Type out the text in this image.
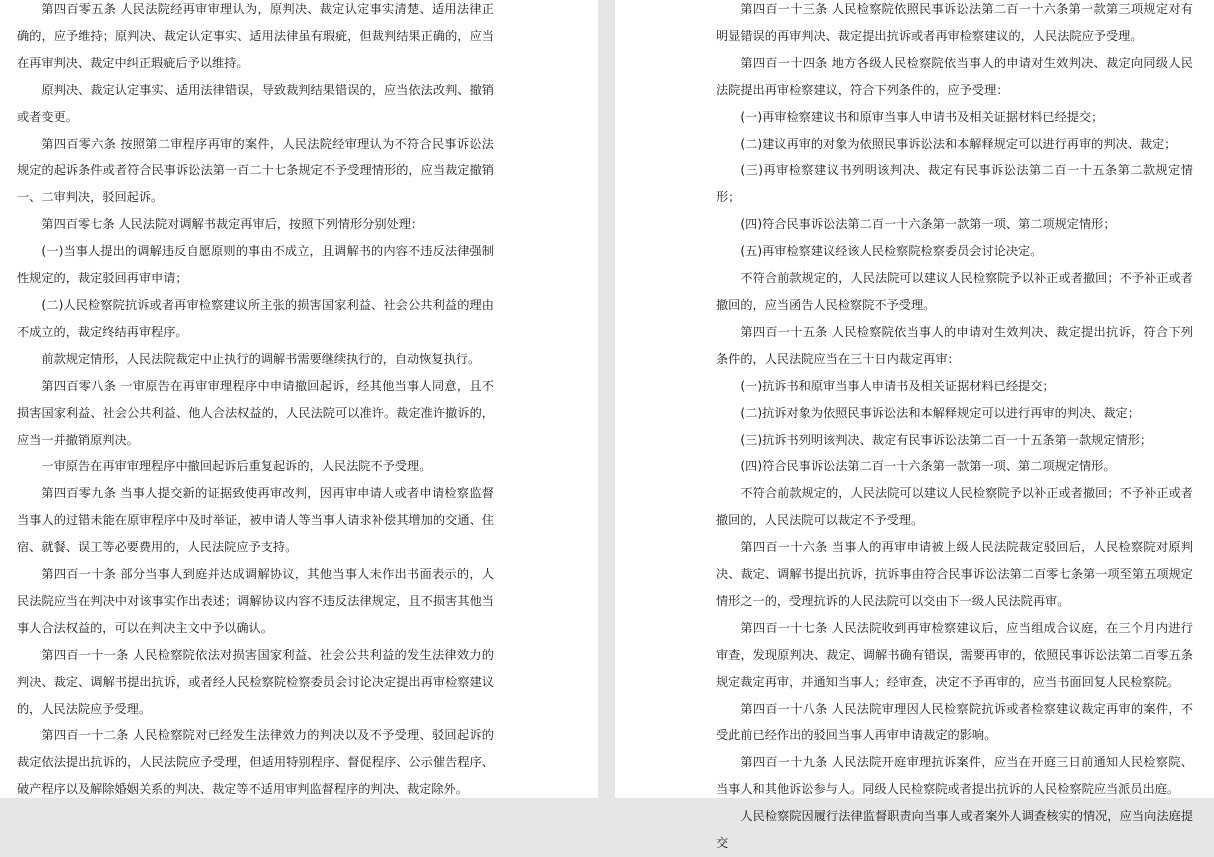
第四百零五条 人民法院经再审审理认为，原判决、裁定认定事实清楚、适用法律正确的，应予维持；原判决、裁定认定事实、适用法律虽有瑕疵，但裁判结果正确的，应当在再审判决、裁定中纠正瑕疵后予以维持。

原判决、裁定认定事实、适用法律错误，导致裁判结果错误的，应当依法改判、撤销或者变更。

第四百零六条 按照第二审程序再审的案件，人民法院经审理认为不符合民事诉讼法规定的起诉条件或者符合民事诉讼法第一百二十七条规定不予受理情形的，应当裁定撤销一、二审判决，驳回起诉。

第四百零七条 人民法院对调解书裁定再审后，按照下列情形分别处理：

(一)当事人提出的调解违反自愿原则的事由不成立，且调解书的内容不违反法律强制性规定的，裁定驳回再审申请；

(二)人民检察院抗诉或者再审检察建议所主张的损害国家利益、社会公共利益的理由不成立的，裁定终结再审程序。

前款规定情形，人民法院裁定中止执行的调解书需要继续执行的，自动恢复执行。

第四百零八条 一审原告在再审审理程序中申请撤回起诉，经其他当事人同意，且不损害国家利益、社会公共利益、他人合法权益的，人民法院可以准许。裁定准许撤诉的，应当一并撤销原判决。

一审原告在再审审理程序中撤回起诉后重复起诉的，人民法院不予受理。

第四百零九条 当事人提交新的证据致使再审改判，因再审申请人或者申请检察监督当事人的过错未能在原审程序中及时举证，被申请人等当事人请求补偿其增加的交通、住宿、就餐、误工等必要费用的，人民法院应予支持。

第四百一十条 部分当事人到庭并达成调解协议，其他当事人未作出书面表示的，人民法院应当在判决中对该事实作出表述；调解协议内容不违反法律规定，且不损害其他当事人合法权益的，可以在判决主文中予以确认。

第四百一十一条 人民检察院依法对损害国家利益、社会公共利益的发生法律效力的判决、裁定、调解书提出抗诉，或者经人民检察院检察委员会讨论决定提出再审检察建议的，人民法院应予受理。

第四百一十二条 人民检察院对已经发生法律效力的判决以及不予受理、驳回起诉的裁定依法提出抗诉的，人民法院应予受理，但适用特别程序、督促程序、公示催告程序、破产程序以及解除婚姻关系的判决、裁定等不适用审判监督程序的判决、裁定除外。

第四百一十三条 人民检察院依照民事诉讼法第二百一十六条第一款第三项规定对有明显错误的再审判决、裁定提出抗诉或者再审检察建议的，人民法院应予受理。

第四百一十四条 地方各级人民检察院依当事人的申请对生效判决、裁定向同级人民法院提出再审检察建议，符合下列条件的，应予受理：

(一)再审检察建议书和原审当事人申请书及相关证据材料已经提交；

(二)建议再审的对象为依照民事诉讼法和本解释规定可以进行再审的判决、裁定；

(三)再审检察建议书列明该判决、裁定有民事诉讼法第二百一十五条第二款规定情形；

(四)符合民事诉讼法第二百一十六条第一款第一项、第二项规定情形；

(五)再审检察建议经该人民检察院检察委员会讨论决定。

不符合前款规定的，人民法院可以建议人民检察院予以补正或者撤回；不予补正或者撤回的，应当函告人民检察院不予受理。

第四百一十五条 人民检察院依当事人的申请对生效判决、裁定提出抗诉，符合下列条件的，人民法院应当在三十日内裁定再审：

(一)抗诉书和原审当事人申请书及相关证据材料已经提交；

(二)抗诉对象为依照民事诉讼法和本解释规定可以进行再审的判决、裁定；

(三)抗诉书列明该判决、裁定有民事诉讼法第二百一十五条第一款规定情形；

(四)符合民事诉讼法第二百一十六条第一款第一项、第二项规定情形。

不符合前款规定的，人民法院可以建议人民检察院予以补正或者撤回；不予补正或者撤回的，人民法院可以裁定不予受理。

第四百一十六条 当事人的再审申请被上级人民法院裁定驳回后，人民检察院对原判决、裁定、调解书提出抗诉，抗诉事由符合民事诉讼法第二百零七条第一项至第五项规定情形之一的，受理抗诉的人民法院可以交由下一级人民法院再审。

第四百一十七条 人民法院收到再审检察建议后，应当组成合议庭，在三个月内进行审查，发现原判决、裁定、调解书确有错误，需要再审的，依照民事诉讼法第二百零五条规定裁定再审，并通知当事人；经审查，决定不予再审的，应当书面回复人民检察院。

第四百一十八条 人民法院审理因人民检察院抗诉或者检察建议裁定再审的案件，不受此前已经作出的驳回当事人再审申请裁定的影响。

第四百一十九条 人民法院开庭审理抗诉案件，应当在开庭三日前通知人民检察院、当事人和其他诉讼参与人。同级人民检察院或者提出抗诉的人民检察院应当派员出庭。

人民检察院因履行法律监督职责向当事人或者案外人调查核实的情况，应当向法庭提交
